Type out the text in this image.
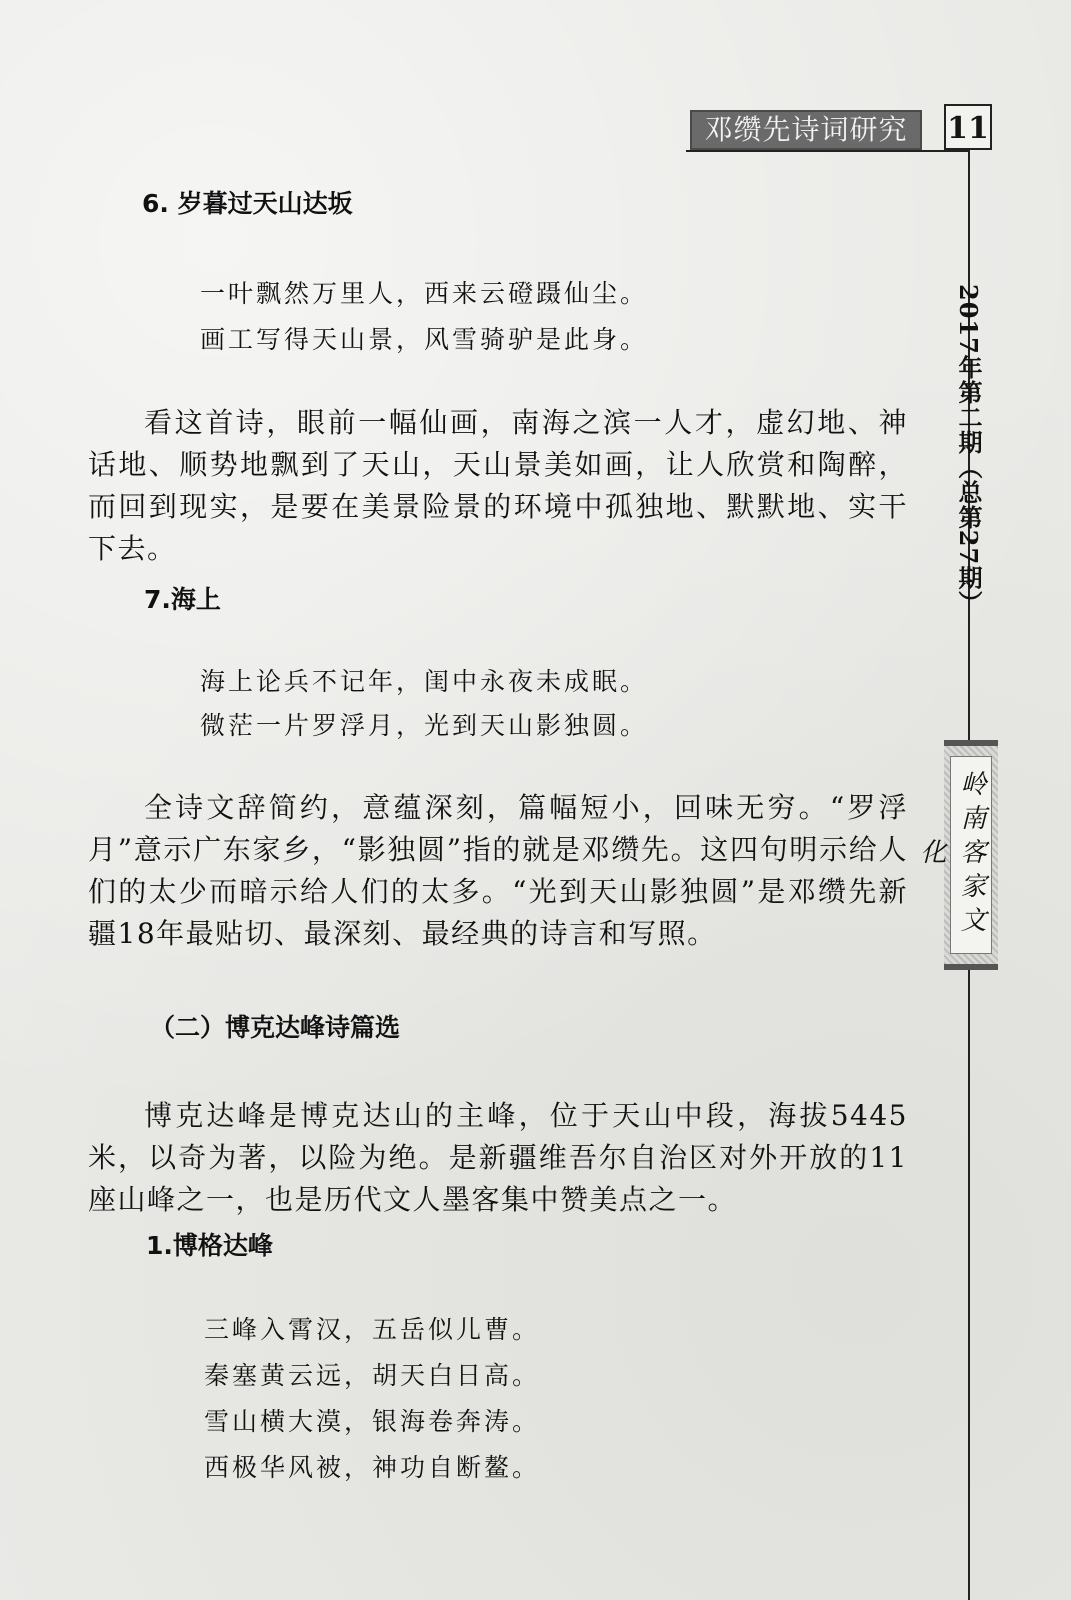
邓缵先诗词研究	11
2017年第二期（总第27期）
岭南客家文化
6. 岁暮过天山达坂
一叶飘然万里人，西来云磴蹑仙尘。
画工写得天山景，风雪骑驴是此身。
看这首诗，眼前一幅仙画，南海之滨一人才，虚幻地、神话地、顺势地飘到了天山，天山景美如画，让人欣赏和陶醉，而回到现实，是要在美景险景的环境中孤独地、默默地、实干下去。
7.海上
海上论兵不记年，闺中永夜未成眠。
微茫一片罗浮月，光到天山影独圆。
全诗文辞简约，意蕴深刻，篇幅短小，回味无穷。“罗浮月”意示广东家乡，“影独圆”指的就是邓缵先。这四句明示给人们的太少而暗示给人们的太多。“光到天山影独圆”是邓缵先新疆18年最贴切、最深刻、最经典的诗言和写照。
（二）博克达峰诗篇选
博克达峰是博克达山的主峰，位于天山中段，海拔5445米，以奇为著，以险为绝。是新疆维吾尔自治区对外开放的11座山峰之一，也是历代文人墨客集中赞美点之一。
1.博格达峰
三峰入霄汉，五岳似儿曹。
秦塞黄云远，胡天白日高。
雪山横大漠，银海卷奔涛。
西极华风被，神功自断鳌。
